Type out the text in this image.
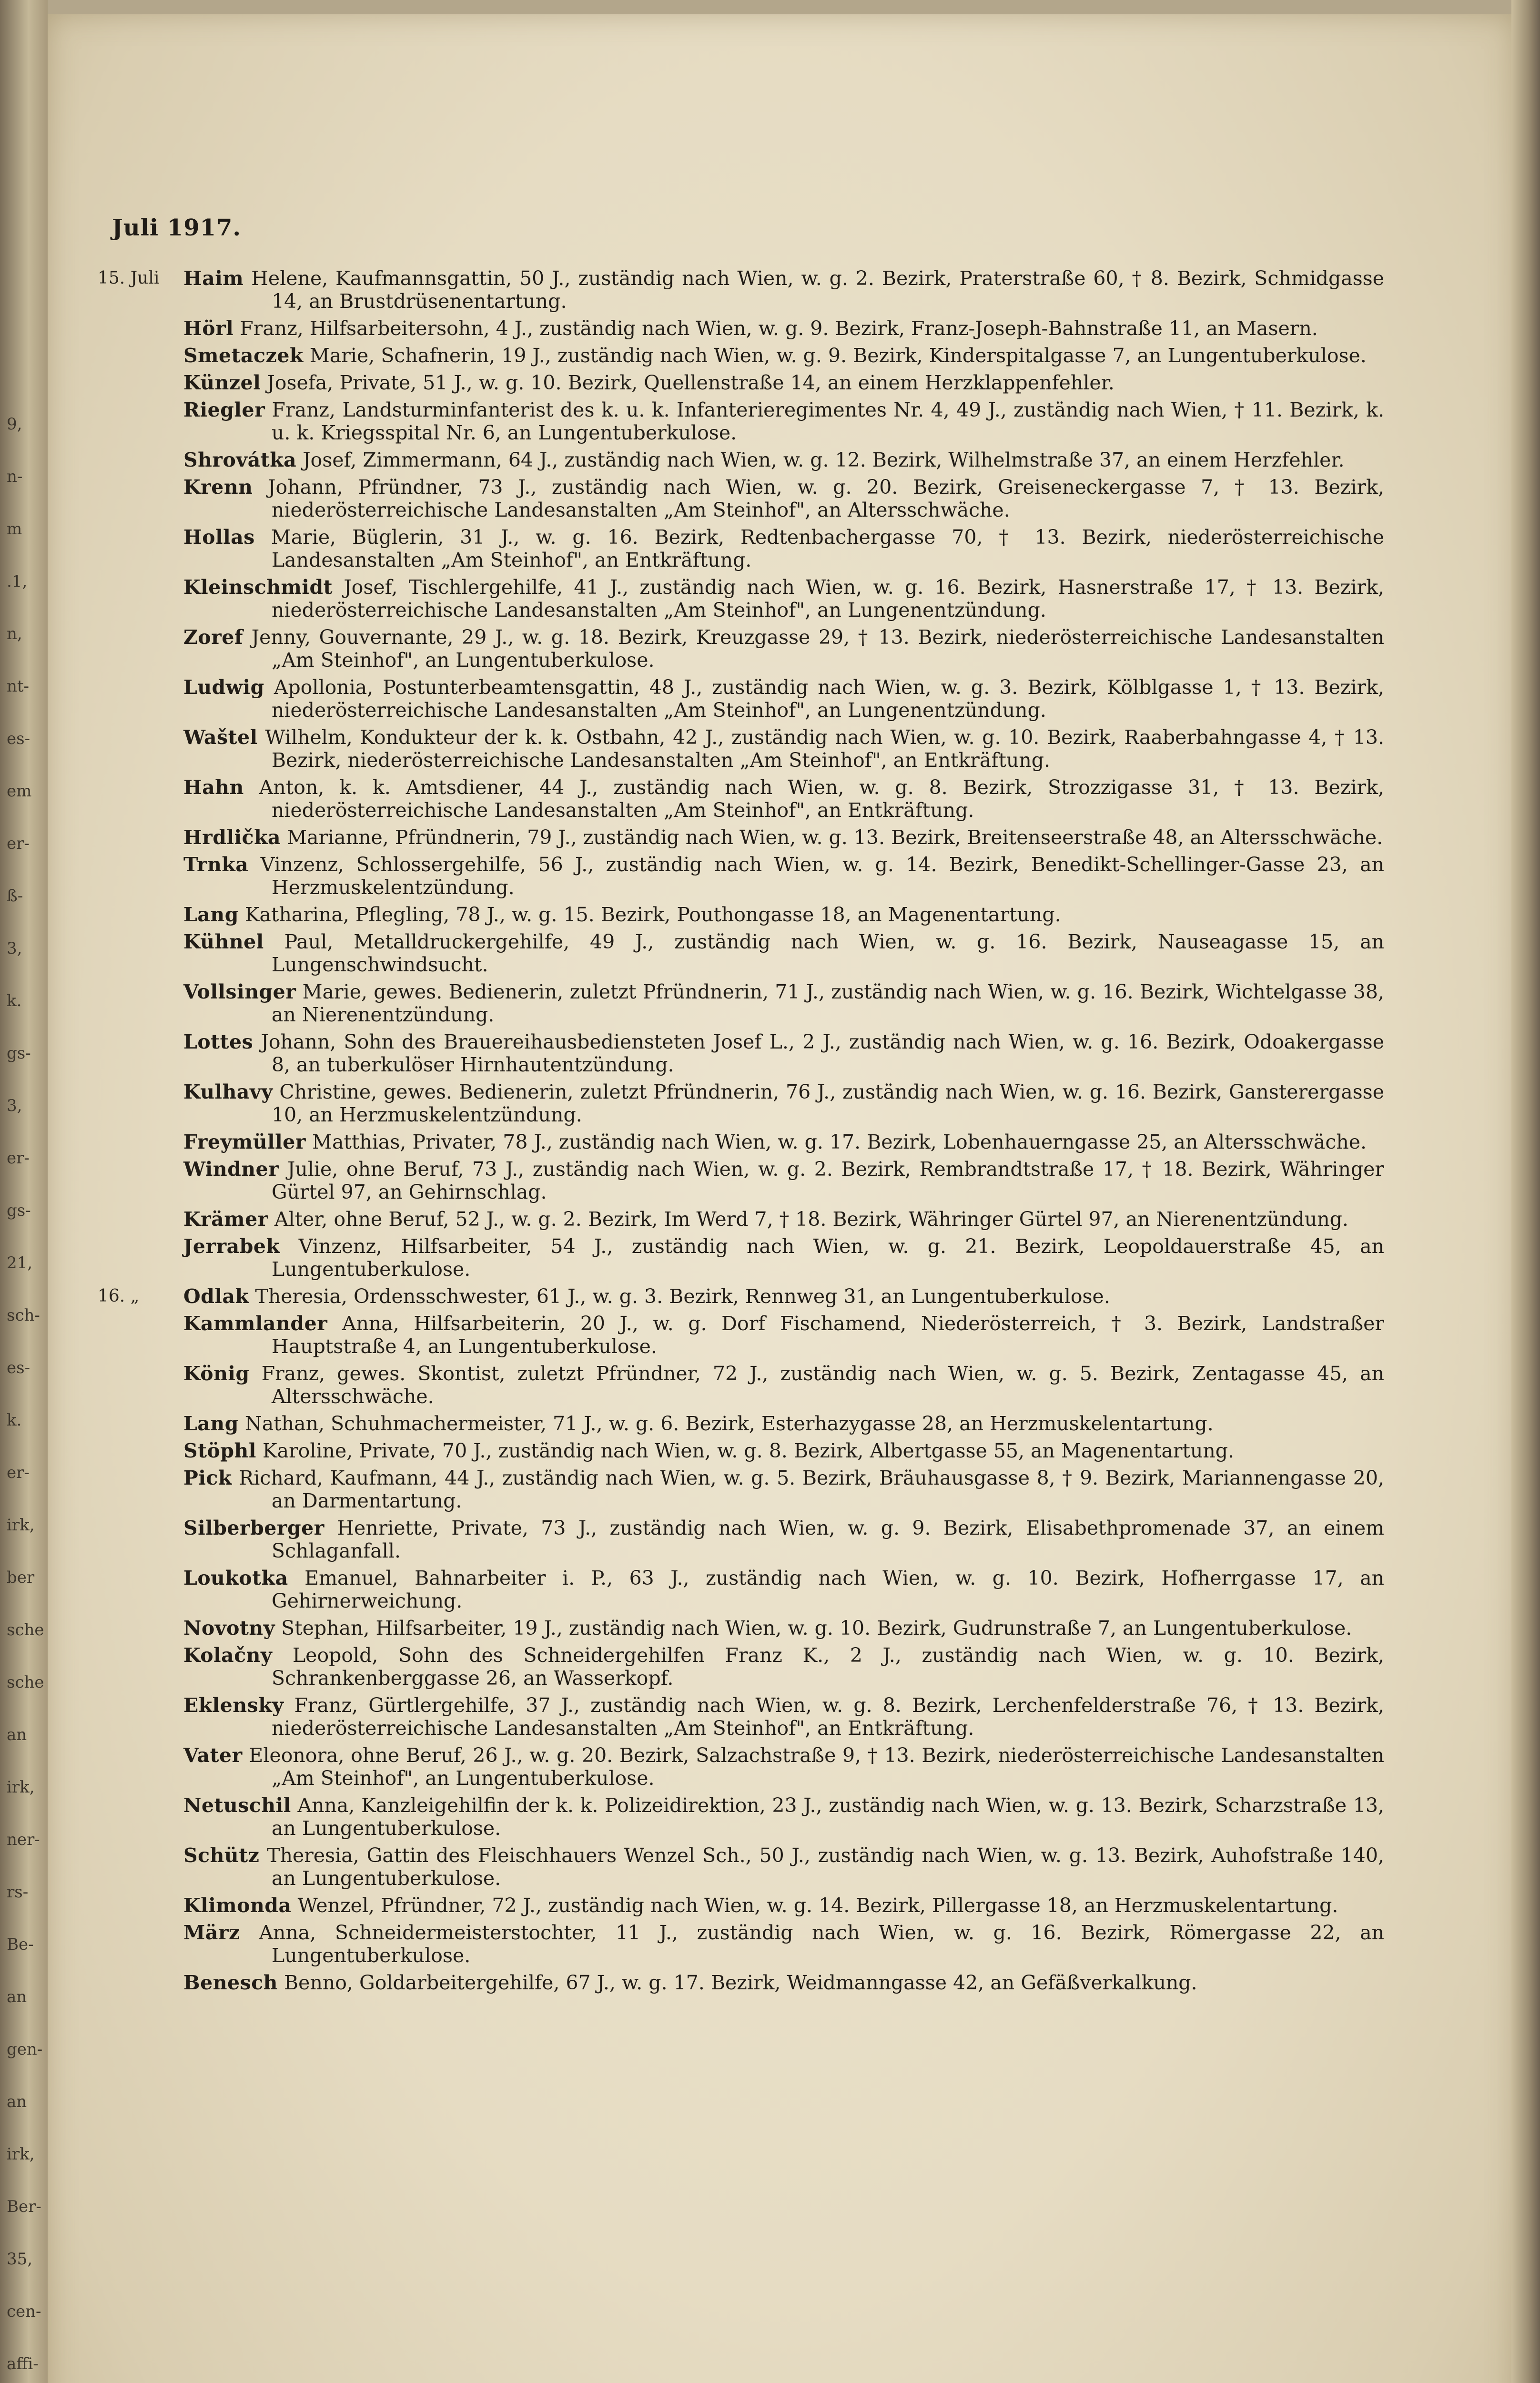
9,
n-
m
.1,
n,
nt-
es-
em
er-
ß-
3,
k.
gs-
3,
er-
gs-
21,
sch-
es-
k.
er-
irk,
ber
sche
sche
an
irk,
ner-
rs-
Be-
an
gen-
an
irk,
Ber-
35,
cen-
affi-
Juli 1917.
15. Juli	Haim Helene, Kaufmannsgattin, 50 J., zuständig nach Wien, w. g. 2. Bezirk, Praterstraße 60, † 8. Bezirk, Schmidgasse 14, an Brustdrüsenentartung.
Hörl Franz, Hilfsarbeitersohn, 4 J., zuständig nach Wien, w. g. 9. Bezirk, Franz-Joseph-Bahnstraße 11, an Masern.
Smetaczek Marie, Schafnerin, 19 J., zuständig nach Wien, w. g. 9. Bezirk, Kinderspitalgasse 7, an Lungentuberkulose.
Künzel Josefa, Private, 51 J., w. g. 10. Bezirk, Quellenstraße 14, an einem Herzklappenfehler.
Riegler Franz, Landsturminfanterist des k. u. k. Infanterieregimentes Nr. 4, 49 J., zuständig nach Wien, † 11. Bezirk, k. u. k. Kriegsspital Nr. 6, an Lungentuberkulose.
Shrovátka Josef, Zimmermann, 64 J., zuständig nach Wien, w. g. 12. Bezirk, Wilhelmstraße 37, an einem Herzfehler.
Krenn Johann, Pfründner, 73 J., zuständig nach Wien, w. g. 20. Bezirk, Greiseneckergasse 7, † 13. Bezirk, niederösterreichische Landesanstalten „Am Steinhof", an Altersschwäche.
Hollas Marie, Büglerin, 31 J., w. g. 16. Bezirk, Redtenbachergasse 70, † 13. Bezirk, niederösterreichische Landesanstalten „Am Steinhof", an Entkräftung.
Kleinschmidt Josef, Tischlergehilfe, 41 J., zuständig nach Wien, w. g. 16. Bezirk, Hasnerstraße 17, † 13. Bezirk, niederösterreichische Landesanstalten „Am Steinhof", an Lungenentzündung.
Zoref Jenny, Gouvernante, 29 J., w. g. 18. Bezirk, Kreuzgasse 29, † 13. Bezirk, niederösterreichische Landesanstalten „Am Steinhof", an Lungentuberkulose.
Ludwig Apollonia, Postunterbeamtensgattin, 48 J., zuständig nach Wien, w. g. 3. Bezirk, Kölblgasse 1, † 13. Bezirk, niederösterreichische Landesanstalten „Am Steinhof", an Lungenentzündung.
Waštel Wilhelm, Kondukteur der k. k. Ostbahn, 42 J., zuständig nach Wien, w. g. 10. Bezirk, Raaberbahngasse 4, † 13. Bezirk, niederösterreichische Landesanstalten „Am Steinhof", an Entkräftung.
Hahn Anton, k. k. Amtsdiener, 44 J., zuständig nach Wien, w. g. 8. Bezirk, Strozzigasse 31, † 13. Bezirk, niederösterreichische Landesanstalten „Am Steinhof", an Entkräftung.
Hrdlička Marianne, Pfründnerin, 79 J., zuständig nach Wien, w. g. 13. Bezirk, Breitenseerstraße 48, an Altersschwäche.
Trnka Vinzenz, Schlossergehilfe, 56 J., zuständig nach Wien, w. g. 14. Bezirk, Benedikt-Schellinger-Gasse 23, an Herzmuskelentzündung.
Lang Katharina, Pflegling, 78 J., w. g. 15. Bezirk, Pouthongasse 18, an Magenentartung.
Kühnel Paul, Metalldruckergehilfe, 49 J., zuständig nach Wien, w. g. 16. Bezirk, Nauseagasse 15, an Lungenschwindsucht.
Vollsinger Marie, gewes. Bedienerin, zuletzt Pfründnerin, 71 J., zuständig nach Wien, w. g. 16. Bezirk, Wichtelgasse 38, an Nierenentzündung.
Lottes Johann, Sohn des Brauereihausbediensteten Josef L., 2 J., zuständig nach Wien, w. g. 16. Bezirk, Odoakergasse 8, an tuberkulöser Hirnhautentzündung.
Kulhavy Christine, gewes. Bedienerin, zuletzt Pfründnerin, 76 J., zuständig nach Wien, w. g. 16. Bezirk, Gansterergasse 10, an Herzmuskelentzündung.
Freymüller Matthias, Privater, 78 J., zuständig nach Wien, w. g. 17. Bezirk, Lobenhauerngasse 25, an Altersschwäche.
Windner Julie, ohne Beruf, 73 J., zuständig nach Wien, w. g. 2. Bezirk, Rembrandtstraße 17, † 18. Bezirk, Währinger Gürtel 97, an Gehirnschlag.
Krämer Alter, ohne Beruf, 52 J., w. g. 2. Bezirk, Im Werd 7, † 18. Bezirk, Währinger Gürtel 97, an Nierenentzündung.
Jerrabek Vinzenz, Hilfsarbeiter, 54 J., zuständig nach Wien, w. g. 21. Bezirk, Leopoldauerstraße 45, an Lungentuberkulose.
16. „	Odlak Theresia, Ordensschwester, 61 J., w. g. 3. Bezirk, Rennweg 31, an Lungentuberkulose.
Kammlander Anna, Hilfsarbeiterin, 20 J., w. g. Dorf Fischamend, Niederösterreich, † 3. Bezirk, Landstraßer Hauptstraße 4, an Lungentuberkulose.
König Franz, gewes. Skontist, zuletzt Pfründner, 72 J., zuständig nach Wien, w. g. 5. Bezirk, Zentagasse 45, an Altersschwäche.
Lang Nathan, Schuhmachermeister, 71 J., w. g. 6. Bezirk, Esterhazygasse 28, an Herzmuskelentartung.
Stöphl Karoline, Private, 70 J., zuständig nach Wien, w. g. 8. Bezirk, Albertgasse 55, an Magenentartung.
Pick Richard, Kaufmann, 44 J., zuständig nach Wien, w. g. 5. Bezirk, Bräuhausgasse 8, † 9. Bezirk, Mariannengasse 20, an Darmentartung.
Silberberger Henriette, Private, 73 J., zuständig nach Wien, w. g. 9. Bezirk, Elisabethpromenade 37, an einem Schlaganfall.
Loukotka Emanuel, Bahnarbeiter i. P., 63 J., zuständig nach Wien, w. g. 10. Bezirk, Hofherrgasse 17, an Gehirnerweichung.
Novotny Stephan, Hilfsarbeiter, 19 J., zuständig nach Wien, w. g. 10. Bezirk, Gudrunstraße 7, an Lungentuberkulose.
Kolačny Leopold, Sohn des Schneidergehilfen Franz K., 2 J., zuständig nach Wien, w. g. 10. Bezirk, Schrankenberggasse 26, an Wasserkopf.
Eklensky Franz, Gürtlergehilfe, 37 J., zuständig nach Wien, w. g. 8. Bezirk, Lerchenfelderstraße 76, † 13. Bezirk, niederösterreichische Landesanstalten „Am Steinhof", an Entkräftung.
Vater Eleonora, ohne Beruf, 26 J., w. g. 20. Bezirk, Salzachstraße 9, † 13. Bezirk, niederösterreichische Landesanstalten „Am Steinhof", an Lungentuberkulose.
Netuschil Anna, Kanzleigehilfin der k. k. Polizeidirektion, 23 J., zuständig nach Wien, w. g. 13. Bezirk, Scharzstraße 13, an Lungentuberkulose.
Schütz Theresia, Gattin des Fleischhauers Wenzel Sch., 50 J., zuständig nach Wien, w. g. 13. Bezirk, Auhofstraße 140, an Lungentuberkulose.
Klimonda Wenzel, Pfründner, 72 J., zuständig nach Wien, w. g. 14. Bezirk, Pillergasse 18, an Herzmuskelentartung.
März Anna, Schneidermeisterstochter, 11 J., zuständig nach Wien, w. g. 16. Bezirk, Römergasse 22, an Lungentuberkulose.
Benesch Benno, Goldarbeitergehilfe, 67 J., w. g. 17. Bezirk, Weidmanngasse 42, an Gefäßverkalkung.
